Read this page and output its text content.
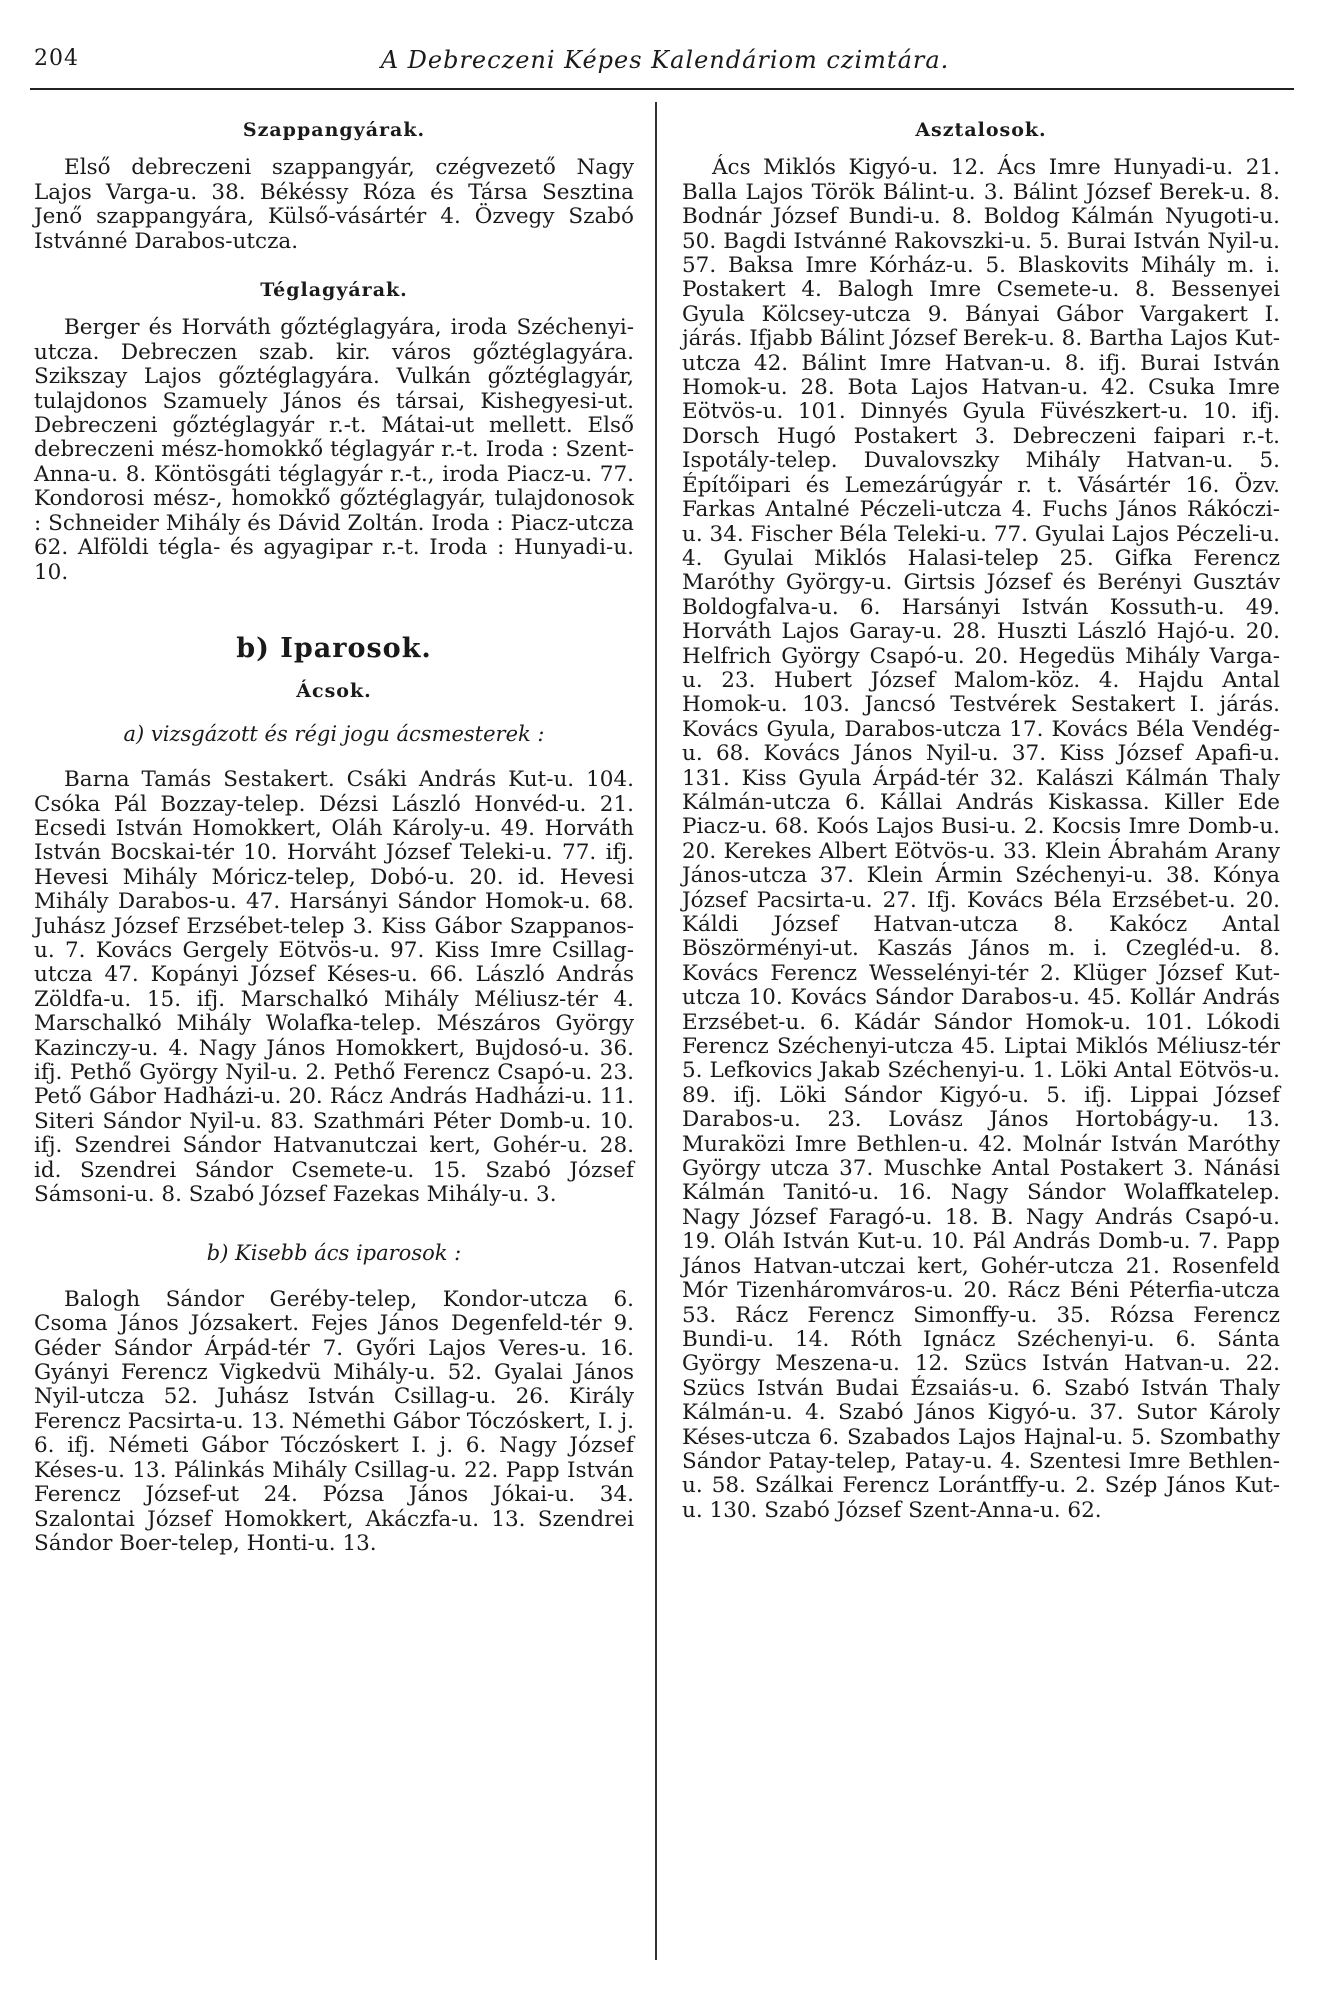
204	A Debreczeni Képes Kalendáriom czimtára.
Szappangyárak.

Első debreczeni szappangyár, czégvezető Nagy Lajos Varga-u. 38. Békéssy Róza és Társa Sesztina Jenő szappangyára, Külső-vásártér 4. Özvegy Szabó Istvánné Darabos-utcza.

Téglagyárak.

Berger és Horváth gőztéglagyára, iroda Széchenyi-utcza. Debreczen szab. kir. város gőztéglagyára. Szikszay Lajos gőztéglagyára. Vulkán gőztéglagyár, tulajdonos Szamuely János és társai, Kishegyesi-ut. Debreczeni gőztéglagyár r.-t. Mátai-ut mellett. Első debreczeni mész-homokkő téglagyár r.-t. Iroda : Szent-Anna-u. 8. Köntösgáti téglagyár r.-t., iroda Piacz-u. 77. Kondorosi mész-, homokkő gőztéglagyár, tulajdonosok : Schneider Mihály és Dávid Zoltán. Iroda : Piacz-utcza 62. Alföldi tégla- és agyagipar r.-t. Iroda : Hunyadi-u. 10.

b) Iparosok.
Ácsok.
a) vizsgázott és régi jogu ácsmesterek :

Barna Tamás Sestakert. Csáki András Kut-u. 104. Csóka Pál Bozzay-telep. Dézsi László Honvéd-u. 21. Ecsedi István Homokkert, Oláh Károly-u. 49. Horváth István Bocskai-tér 10. Horváht József Teleki-u. 77. ifj. Hevesi Mihály Móricz-telep, Dobó-u. 20. id. Hevesi Mihály Darabos-u. 47. Harsányi Sándor Homok-u. 68. Juhász József Erzsébet-telep 3. Kiss Gábor Szappanos-u. 7. Kovács Gergely Eötvös-u. 97. Kiss Imre Csillag-utcza 47. Kopányi József Késes-u. 66. László András Zöldfa-u. 15. ifj. Marschalkó Mihály Méliusz-tér 4. Marschalkó Mihály Wolafka-telep. Mészáros György Kazinczy-u. 4. Nagy János Homokkert, Bujdosó-u. 36. ifj. Pethő György Nyil-u. 2. Pethő Ferencz Csapó-u. 23. Pető Gábor Hadházi-u. 20. Rácz András Hadházi-u. 11. Siteri Sándor Nyil-u. 83. Szathmári Péter Domb-u. 10. ifj. Szendrei Sándor Hatvanutczai kert, Gohér-u. 28. id. Szendrei Sándor Csemete-u. 15. Szabó József Sámsoni-u. 8. Szabó József Fazekas Mihály-u. 3.

b) Kisebb ács iparosok :

Balogh Sándor Geréby-telep, Kondor-utcza 6. Csoma János Józsakert. Fejes János Degenfeld-tér 9. Géder Sándor Árpád-tér 7. Győri Lajos Veres-u. 16. Gyányi Ferencz Vigkedvü Mihály-u. 52. Gyalai János Nyil-utcza 52. Juhász István Csillag-u. 26. Király Ferencz Pacsirta-u. 13. Némethi Gábor Tóczóskert, I. j. 6. ifj. Németi Gábor Tóczóskert I. j. 6. Nagy József Késes-u. 13. Pálinkás Mihály Csillag-u. 22. Papp István Ferencz József-ut 24. Pózsa János Jókai-u. 34. Szalontai József Homokkert, Akáczfa-u. 13. Szendrei Sándor Boer-telep, Honti-u. 13.

Asztalosok.

Ács Miklós Kigyó-u. 12. Ács Imre Hunyadi-u. 21. Balla Lajos Török Bálint-u. 3. Bálint József Berek-u. 8. Bodnár József Bundi-u. 8. Boldog Kálmán Nyugoti-u. 50. Bagdi Istvánné Rakovszki-u. 5. Burai István Nyil-u. 57. Baksa Imre Kórház-u. 5. Blaskovits Mihály m. i. Postakert 4. Balogh Imre Csemete-u. 8. Bessenyei Gyula Kölcsey-utcza 9. Bányai Gábor Vargakert I. járás. Ifjabb Bálint József Berek-u. 8. Bartha Lajos Kut-utcza 42. Bálint Imre Hatvan-u. 8. ifj. Burai István Homok-u. 28. Bota Lajos Hatvan-u. 42. Csuka Imre Eötvös-u. 101. Dinnyés Gyula Füvészkert-u. 10. ifj. Dorsch Hugó Postakert 3. Debreczeni faipari r.-t. Ispotály-telep. Duvalovszky Mihály Hatvan-u. 5. Építőipari és Lemezárúgyár r. t. Vásártér 16. Özv. Farkas Antalné Péczeli-utcza 4. Fuchs János Rákóczi-u. 34. Fischer Béla Teleki-u. 77. Gyulai Lajos Péczeli-u. 4. Gyulai Miklós Halasi-telep 25. Gifka Ferencz Maróthy György-u. Girtsis József és Berényi Gusztáv Boldogfalva-u. 6. Harsányi István Kossuth-u. 49. Horváth Lajos Garay-u. 28. Huszti László Hajó-u. 20. Helfrich György Csapó-u. 20. Hegedüs Mihály Varga-u. 23. Hubert József Malom-köz. 4. Hajdu Antal Homok-u. 103. Jancsó Testvérek Sestakert I. járás. Kovács Gyula, Darabos-utcza 17. Kovács Béla Vendég-u. 68. Kovács János Nyil-u. 37. Kiss József Apafi-u. 131. Kiss Gyula Árpád-tér 32. Kalászi Kálmán Thaly Kálmán-utcza 6. Kállai András Kiskassa. Killer Ede Piacz-u. 68. Koós Lajos Busi-u. 2. Kocsis Imre Domb-u. 20. Kerekes Albert Eötvös-u. 33. Klein Ábrahám Arany János-utcza 37. Klein Ármin Széchenyi-u. 38. Kónya József Pacsirta-u. 27. Ifj. Kovács Béla Erzsébet-u. 20. Káldi József Hatvan-utcza 8. Kakócz Antal Böszörményi-ut. Kaszás János m. i. Czegléd-u. 8. Kovács Ferencz Wesselényi-tér 2. Klüger József Kut-utcza 10. Kovács Sándor Darabos-u. 45. Kollár András Erzsébet-u. 6. Kádár Sándor Homok-u. 101. Lókodi Ferencz Széchenyi-utcza 45. Liptai Miklós Méliusz-tér 5. Lefkovics Jakab Széchenyi-u. 1. Löki Antal Eötvös-u. 89. ifj. Löki Sándor Kigyó-u. 5. ifj. Lippai József Darabos-u. 23. Lovász János Hortobágy-u. 13. Muraközi Imre Bethlen-u. 42. Molnár István Maróthy György utcza 37. Muschke Antal Postakert 3. Nánási Kálmán Tanitó-u. 16. Nagy Sándor Wolaffkatelep. Nagy József Faragó-u. 18. B. Nagy András Csapó-u. 19. Oláh István Kut-u. 10. Pál András Domb-u. 7. Papp János Hatvan-utczai kert, Gohér-utcza 21. Rosenfeld Mór Tizenháromváros-u. 20. Rácz Béni Péterfia-utcza 53. Rácz Ferencz Simonffy-u. 35. Rózsa Ferencz Bundi-u. 14. Róth Ignácz Széchenyi-u. 6. Sánta György Meszena-u. 12. Szücs István Hatvan-u. 22. Szücs István Budai Ézsaiás-u. 6. Szabó István Thaly Kálmán-u. 4. Szabó János Kigyó-u. 37. Sutor Károly Késes-utcza 6. Szabados Lajos Hajnal-u. 5. Szombathy Sándor Patay-telep, Patay-u. 4. Szentesi Imre Bethlen-u. 58. Szálkai Ferencz Lorántffy-u. 2. Szép János Kut-u. 130. Szabó József Szent-Anna-u. 62.
